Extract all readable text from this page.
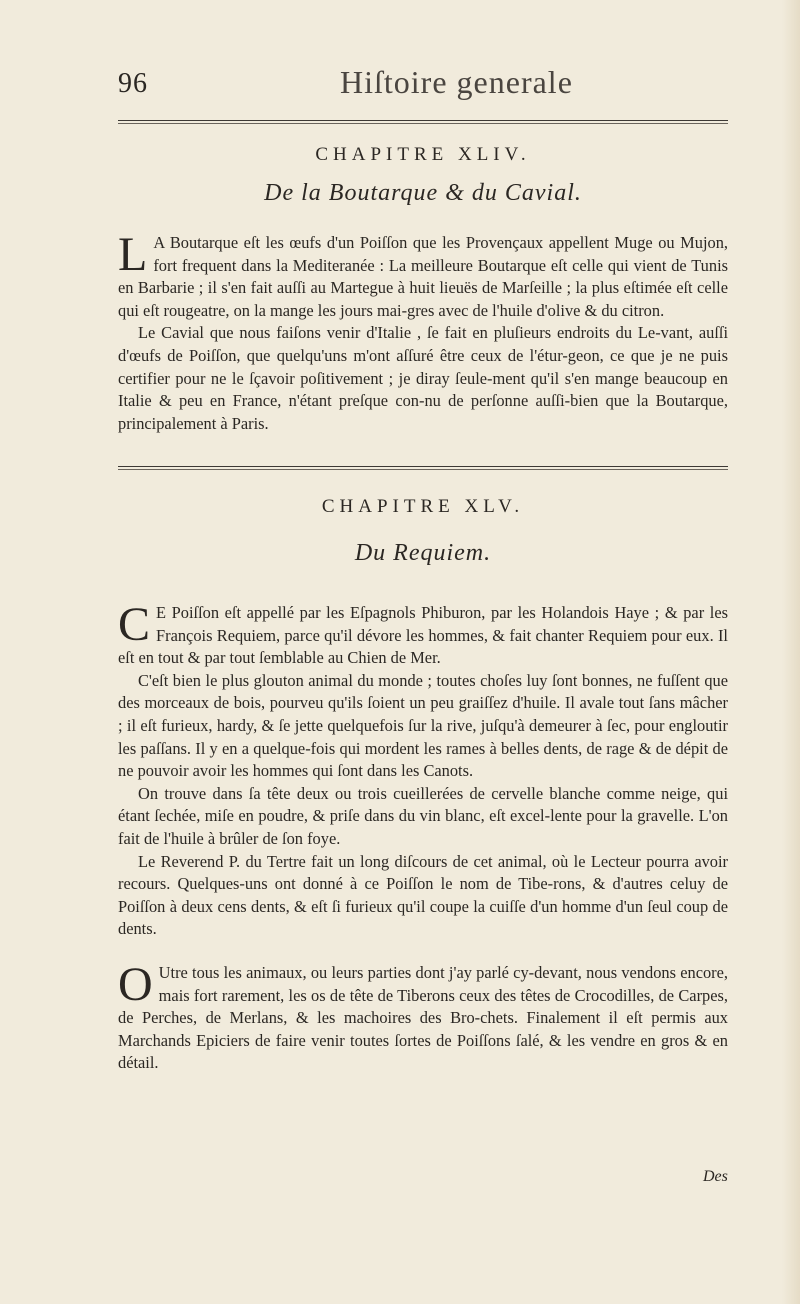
96	Hiſtoire generale
CHAPITRE XLIV.
De la Boutarque & du Cavial.

L A Boutarque eſt les œufs d'un Poiſſon que les Provençaux appellent Muge ou Mujon, fort frequent dans la Mediteranée : La meilleure Boutarque eſt celle qui vient de Tunis en Barbarie ; il s'en fait auſſi au Martegue à huit lieuës de Marſeille ; la plus eſtimée eſt celle qui eſt rougeatre, on la mange les jours mai-gres avec de l'huile d'olive & du citron.

Le Cavial que nous faiſons venir d'Italie , ſe fait en pluſieurs endroits du Le-vant, auſſi d'œufs de Poiſſon, que quelqu'uns m'ont aſſuré être ceux de l'étur-geon, ce que je ne puis certifier pour ne le ſçavoir poſitivement ; je diray ſeule-ment qu'il s'en mange beaucoup en Italie & peu en France, n'étant preſque con-nu de perſonne auſſi-bien que la Boutarque, principalement à Paris.

CHAPITRE XLV.
Du Requiem.

C E Poiſſon eſt appellé par les Eſpagnols Phiburon, par les Holandois Haye ; & par les François Requiem, parce qu'il dévore les hommes, & fait chanter Requiem pour eux. Il eſt en tout & par tout ſemblable au Chien de Mer.

C'eſt bien le plus glouton animal du monde ; toutes choſes luy ſont bonnes, ne fuſſent que des morceaux de bois, pourveu qu'ils ſoient un peu graiſſez d'huile. Il avale tout ſans mâcher ; il eſt furieux, hardy, & ſe jette quelquefois ſur la rive, juſqu'à demeurer à ſec, pour engloutir les paſſans. Il y en a quelque-fois qui mordent les rames à belles dents, de rage & de dépit de ne pouvoir avoir les hommes qui ſont dans les Canots.

On trouve dans ſa tête deux ou trois cueillerées de cervelle blanche comme neige, qui étant ſechée, miſe en poudre, & priſe dans du vin blanc, eſt excel-lente pour la gravelle. L'on fait de l'huile à brûler de ſon foye.

Le Reverend P. du Tertre fait un long diſcours de cet animal, où le Lecteur pourra avoir recours. Quelques-uns ont donné à ce Poiſſon le nom de Tibe-rons, & d'autres celuy de Poiſſon à deux cens dents, & eſt ſi furieux qu'il coupe la cuiſſe d'un homme d'un ſeul coup de dents.

O Utre tous les animaux, ou leurs parties dont j'ay parlé cy-devant, nous vendons encore, mais fort rarement, les os de tête de Tiberons ceux des têtes de Crocodilles, de Carpes, de Perches, de Merlans, & les machoires des Bro-chets. Finalement il eſt permis aux Marchands Epiciers de faire venir toutes ſortes de Poiſſons ſalé, & les vendre en gros & en détail.

Des
